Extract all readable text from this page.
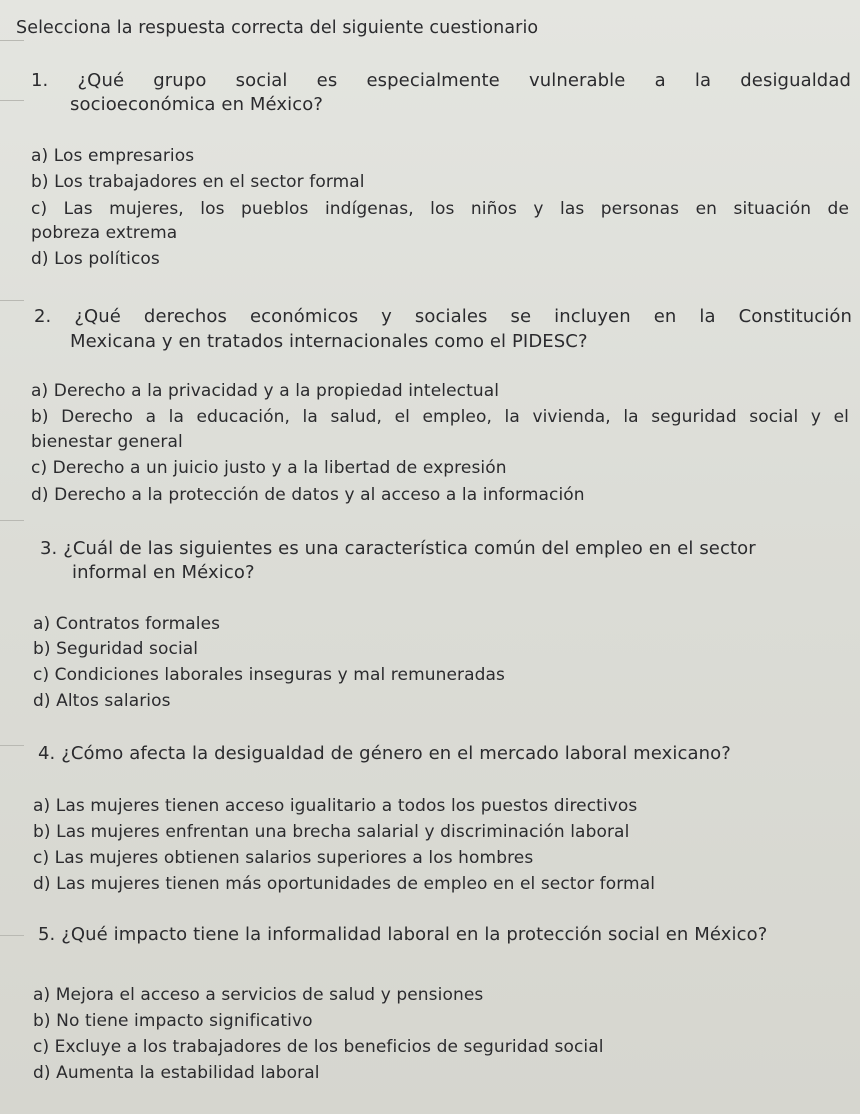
Selecciona la respuesta correcta del siguiente cuestionario
1. ¿Qué grupo social es especialmente vulnerable a la desigualdad
socioeconómica en México?
a) Los empresarios
b) Los trabajadores en el sector formal
c) Las mujeres, los pueblos indígenas, los niños y las personas en situación de
pobreza extrema
d) Los políticos
2. ¿Qué derechos económicos y sociales se incluyen en la Constitución
Mexicana y en tratados internacionales como el PIDESC?
a) Derecho a la privacidad y a la propiedad intelectual
b) Derecho a la educación, la salud, el empleo, la vivienda, la seguridad social y el
bienestar general
c) Derecho a un juicio justo y a la libertad de expresión
d) Derecho a la protección de datos y al acceso a la información
3. ¿Cuál de las siguientes es una característica común del empleo en el sector
informal en México?
a) Contratos formales
b) Seguridad social
c) Condiciones laborales inseguras y mal remuneradas
d) Altos salarios
4. ¿Cómo afecta la desigualdad de género en el mercado laboral mexicano?
a) Las mujeres tienen acceso igualitario a todos los puestos directivos
b) Las mujeres enfrentan una brecha salarial y discriminación laboral
c) Las mujeres obtienen salarios superiores a los hombres
d) Las mujeres tienen más oportunidades de empleo en el sector formal
5. ¿Qué impacto tiene la informalidad laboral en la protección social en México?
a) Mejora el acceso a servicios de salud y pensiones
b) No tiene impacto significativo
c) Excluye a los trabajadores de los beneficios de seguridad social
d) Aumenta la estabilidad laboral
